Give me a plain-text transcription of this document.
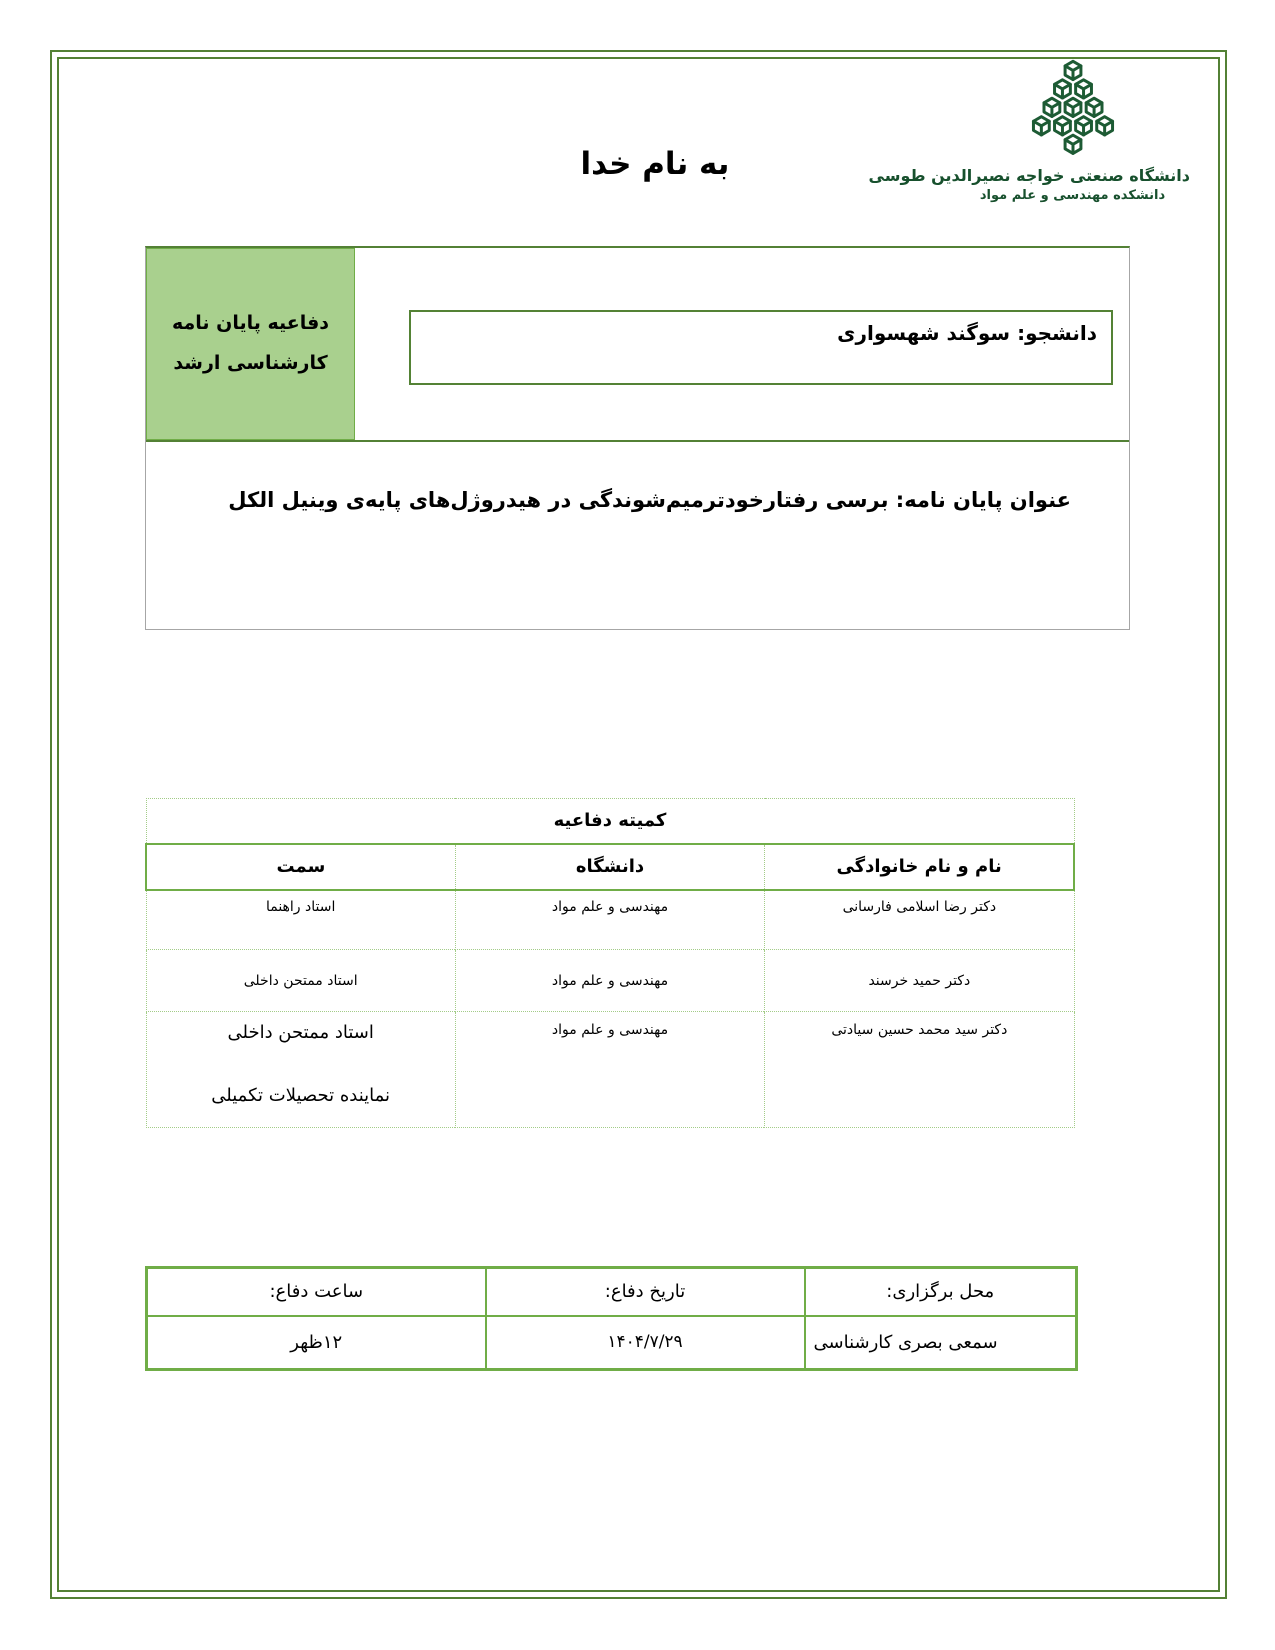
به نام خدا	دانشگاه صنعتی خواجه نصیرالدین طوسی
دانشکده مهندسی و علم مواد
دفاعیه پایان نامه
کارشناسی ارشد
دانشجو: سوگند شهسواری
عنوان پایان نامه: برسی رفتارخودترمیم‌شوندگی در هیدروژل‌های پایه‌ی وینیل الکل
کمیته دفاعیه		
نام و نام خانوادگی	دانشگاه	سمت
دکتر رضا اسلامی فارسانی	مهندسی و علم مواد	استاد راهنما
دکتر حمید خرسند	مهندسی و علم مواد	استاد ممتحن داخلی
دکتر سید محمد حسین سیادتی	مهندسی و علم مواد	استاد ممتحن داخلی
نماینده تحصیلات تکمیلی
محل برگزاری:	تاریخ دفاع:	ساعت دفاع:
سمعی بصری کارشناسی	۱۴۰۴/۷/۲۹	۱۲ظهر
